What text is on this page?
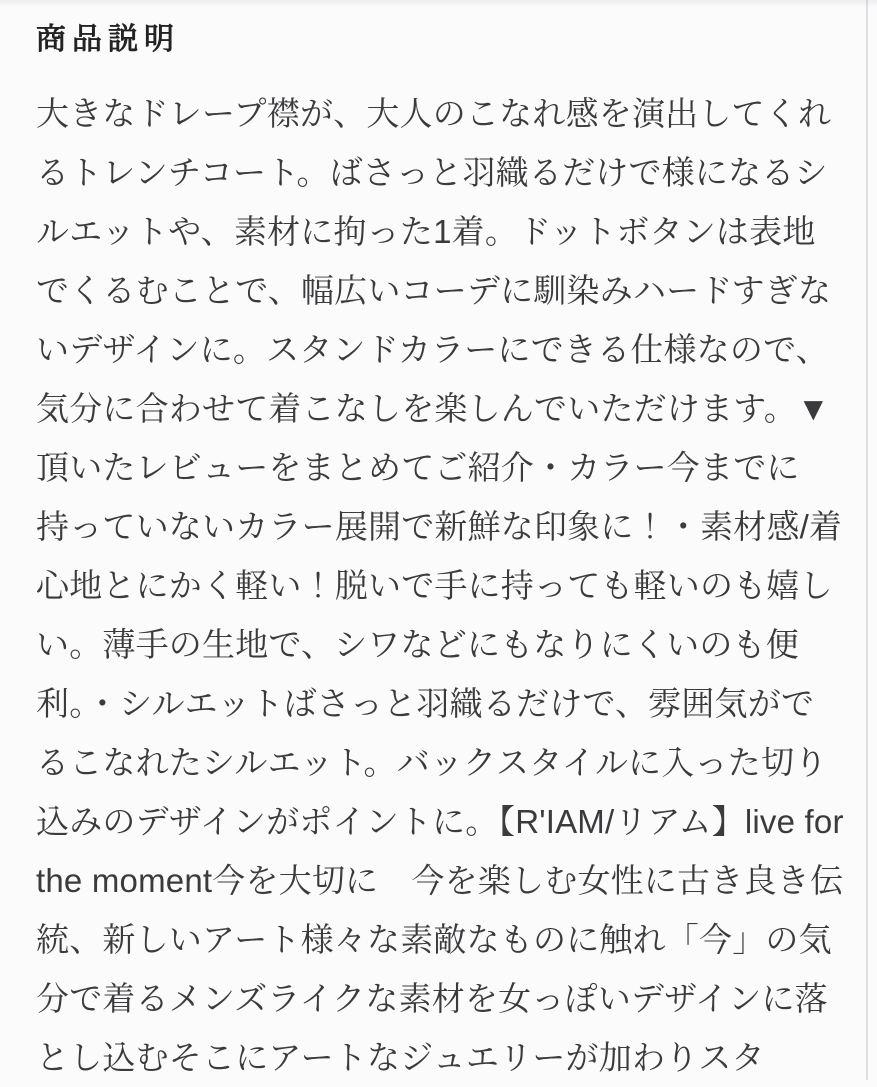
商品説明

大きなドレープ襟が、大人のこなれ感を演出してくれるトレンチコート。ばさっと羽織るだけで様になるシルエットや、素材に拘った1着。ドットボタンは表地でくるむことで、幅広いコーデに馴染みハードすぎないデザインに。スタンドカラーにできる仕様なので、気分に合わせて着こなしを楽しんでいただけます。▼頂いたレビューをまとめてご紹介・カラー今までに持っていないカラー展開で新鮮な印象に！・素材感/着心地とにかく軽い！脱いで手に持っても軽いのも嬉しい。薄手の生地で、シワなどにもなりにくいのも便利。・シルエットばさっと羽織るだけで、雰囲気がでるこなれたシルエット。バックスタイルに入った切り込みのデザインがポイントに。【R'IAM/リアム】live for the moment今を大切に　今を楽しむ女性に古き良き伝統、新しいアート様々な素敵なものに触れ「今」の気分で着るメンズライクな素材を女っぽいデザインに落とし込むそこにアートなジュエリーが加わりスタ
